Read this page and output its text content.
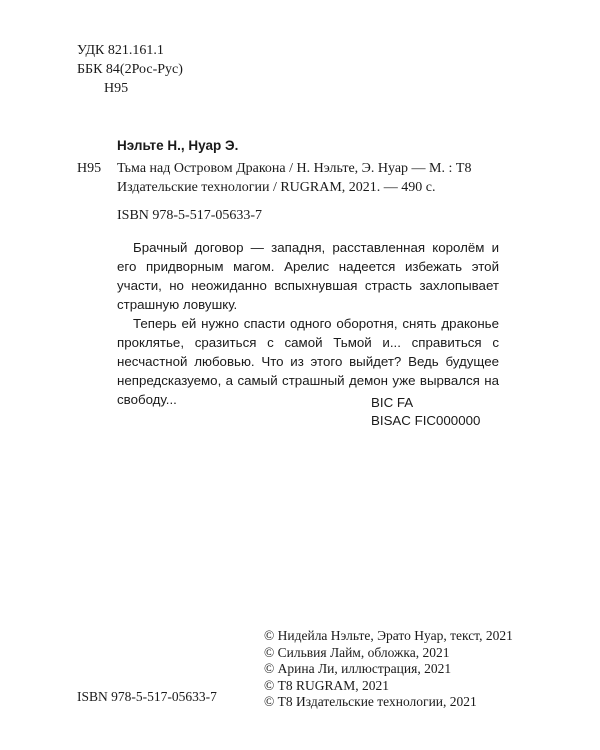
УДК 821.161.1
ББК 84(2Рос-Рус)
Н95
Нэльте Н., Нуар Э.
Н95 Тьма над Островом Дракона / Н. Нэльте, Э. Нуар — М. : Т8
Издательские технологии / RUGRAM, 2021. — 490 с.
ISBN 978-5-517-05633-7

Брачный договор — западня, расставленная королём и его придворным магом. Арелис надеется избежать этой участи, но неожиданно вспыхнувшая страсть захлопывает страшную ловушку.

Теперь ей нужно спасти одного оборотня, снять драконье проклятье, сразиться с самой Тьмой и... справиться с несчастной любовью. Что из этого выйдет? Ведь будущее непредсказуемо, а самый страшный демон уже вырвался на свободу...	BIC FA
BISAC FIC000000
© Нидейла Нэльте, Эрато Нуар, текст, 2021
© Сильвия Лайм, обложка, 2021
© Арина Ли, иллюстрация, 2021
© Т8 RUGRAM, 2021
© Т8 Издательские технологии, 2021
ISBN 978-5-517-05633-7
